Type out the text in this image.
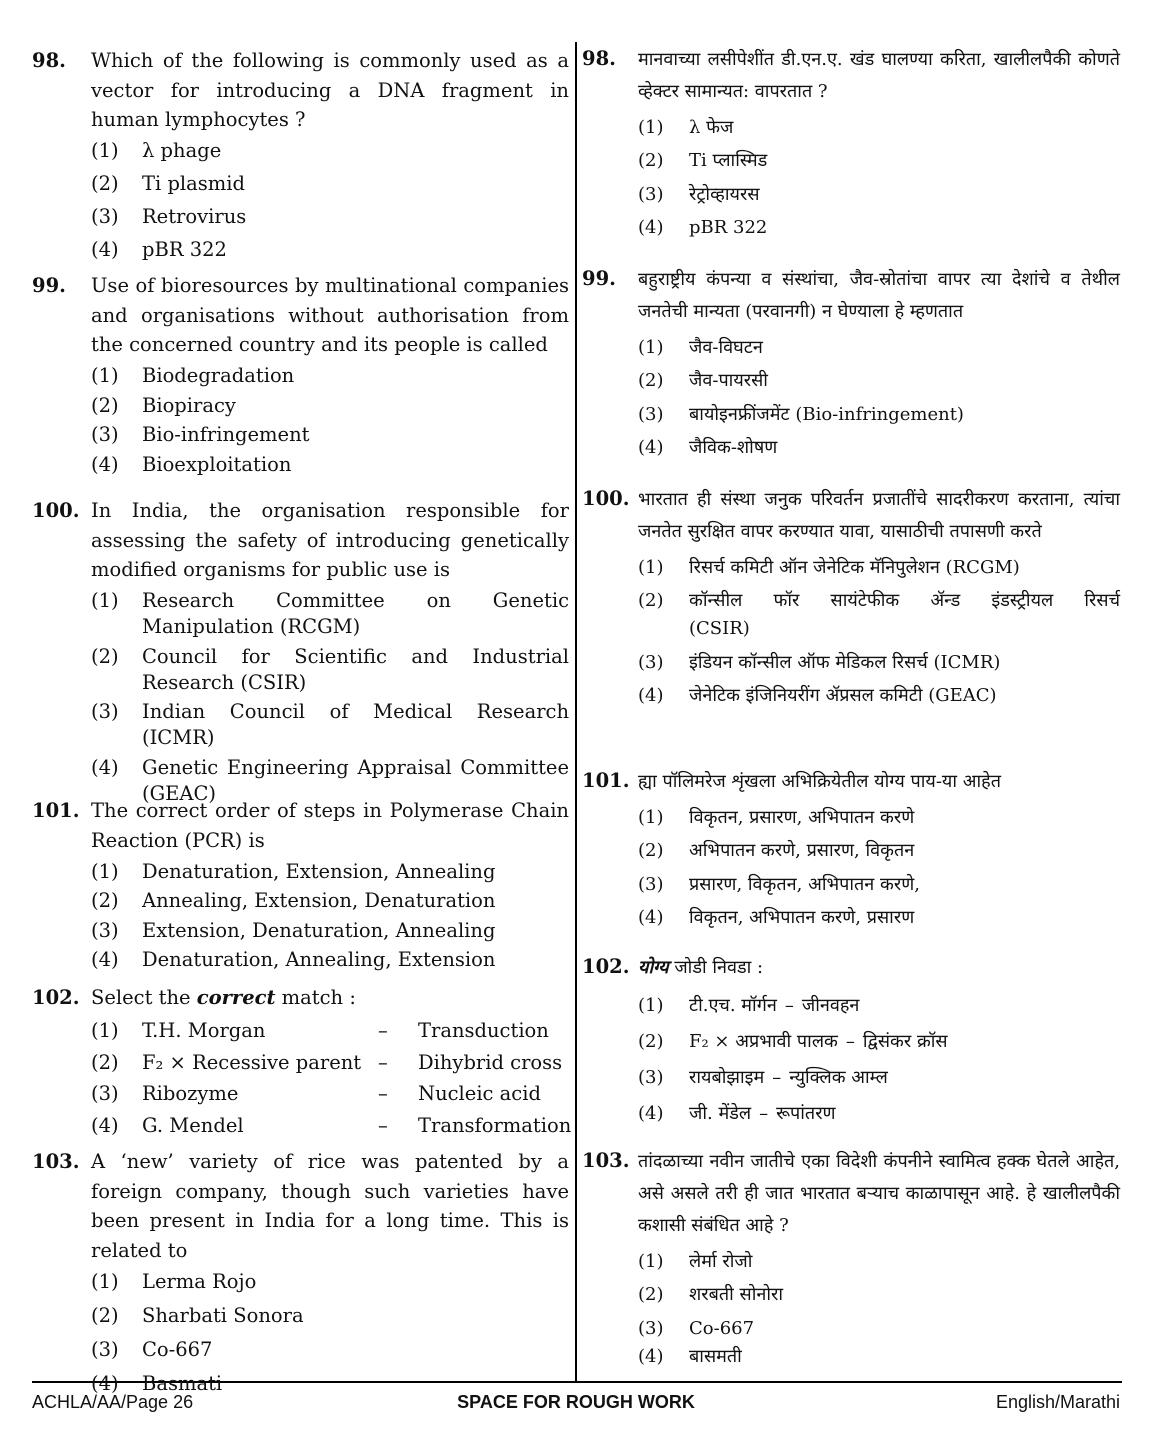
98. Which of the following is commonly used as a vector for introducing a DNA fragment in human lymphocytes ?
(1)	λ phage
(2)	Ti plasmid
(3)	Retrovirus
(4)	pBR 322
99. Use of bioresources by multinational companies and organisations without authorisation from the concerned country and its people is called
(1)	Biodegradation
(2)	Biopiracy
(3)	Bio-infringement
(4)	Bioexploitation
100. In India, the organisation responsible for assessing the safety of introducing genetically modified organisms for public use is
(1)	Research Committee on Genetic
Manipulation (RCGM)
(2)	Council for Scientific and Industrial
Research (CSIR)
(3)	Indian Council of Medical Research (ICMR)
(4)	Genetic Engineering Appraisal Committee
(GEAC)
101. The correct order of steps in Polymerase Chain Reaction (PCR) is
(1)	Denaturation, Extension, Annealing
(2)	Annealing, Extension, Denaturation
(3)	Extension, Denaturation, Annealing
(4)	Denaturation, Annealing, Extension
102. Select the correct match :
(1)	T.H. Morgan	–	Transduction
(2)	F₂ × Recessive parent –	Dihybrid cross
(3)	Ribozyme	–	Nucleic acid
(4)	G. Mendel	–	Transformation
103. A ‘new’ variety of rice was patented by a foreign company, though such varieties have been present in India for a long time. This is related to
(1)	Lerma Rojo
(2)	Sharbati Sonora
(3)	Co-667
(4)	Basmati
98. मानवाच्या लसीपेशींत डी.एन.ए. खंड घालण्या करिता, खालीलपैकी कोणते व्हेक्टर सामान्यत: वापरतात ?
(1)	λ फेज
(2)	Ti प्लास्मिड
(3)	रेट्रोव्हायरस
(4)	pBR 322
99. बहुराष्ट्रीय कंपन्या व संस्थांचा, जैव-स्रोतांचा वापर त्या देशांचे व तेथील जनतेची मान्यता (परवानगी) न घेण्याला हे म्हणतात
(1)	जैव-विघटन
(2)	जैव-पायरसी
(3)	बायोइनफ्रींजमेंट (Bio-infringement)
(4)	जैविक-शोषण
100. भारतात ही संस्था जनुक परिवर्तन प्रजातींचे सादरीकरण करताना, त्यांचा जनतेत सुरक्षित वापर करण्यात यावा, यासाठीची तपासणी करते
(1)	रिसर्च कमिटी ऑन जेनेटिक मॅनिपुलेशन (RCGM)
(2)	कॉन्सील फॉर सायंटेफीक ॲन्ड इंडस्ट्रीयल रिसर्च
(CSIR)
(3)	इंडियन कॉन्सील ऑफ मेडिकल रिसर्च (ICMR)
(4)	जेनेटिक इंजिनियरींग ॲप्रसल कमिटी (GEAC)
101. ह्या पॉलिमरेज शृंखला अभिक्रियेतील योग्य पाय-या आहेत
(1)	विकृतन, प्रसारण, अभिपातन करणे
(2)	अभिपातन करणे, प्रसारण, विकृतन
(3)	प्रसारण, विकृतन, अभिपातन करणे,
(4)	विकृतन, अभिपातन करणे, प्रसारण
102. योग्य जोडी निवडा :
(1)	टी.एच. मॉर्गन – जीनवहन
(2)	F₂ × अप्रभावी पालक – द्विसंकर क्रॉस
(3)	रायबोझाइम – न्युक्लिक आम्ल
(4)	जी. मेंडेल – रूपांतरण
103. तांदळाच्या नवीन जातीचे एका विदेशी कंपनीने स्वामित्व हक्क घेतले आहेत, असे असले तरी ही जात भारतात बऱ्याच काळापासून आहे. हे खालीलपैकी कशासी संबंधित आहे ?
(1)	लेर्मा रोजो
(2)	शरबती सोनोरा
(3)	Co-667
(4)	बासमती
ACHLA/AA/Page 26	SPACE FOR ROUGH WORK	English/Marathi
